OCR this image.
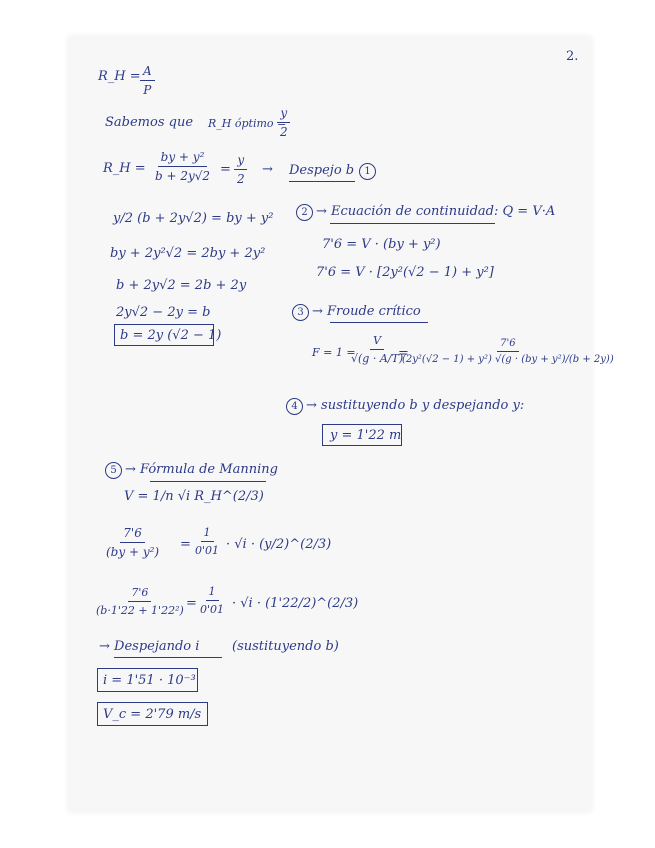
2.
R_H = $\frac{A}{P}$
Sabemos que R_H óptimo =
$\frac{y}{2}$
R_H = $\frac{\text{by + y²}}{b + 2y√2} = \frac{y}{2}$ → Despejo b	1
y/2 (b + 2y√2) = by + y²
by + 2y²√2 = 2by + 2y²
b + 2y√2 = 2b + 2y
2y√2 − 2y = b
b = 2y (√2 − 1)
2 → Ecuación de continuidad: Q = V·A
7'6 = V · (by + y²)
7'6 = V · [2y²(√2 − 1) + y²]
3 → Froude crítico
F = 1 =
$\frac{V}{√(g \cdot A/T)}$
=
$\frac{7'6}{\text{(2y²(√2 − 1) + y²) √(g · (by + y²)/(b + 2y))}}$
4 → sustituyendo b y despejando y:
y = 1'22 m
5 → Fórmula de Manning
V = 1/n √i R_H^(2/3)
$\frac{7'6}{\text{(by + y²)}} = \frac{1}{0'01} \cdot √i$ · (y/2)^(2/3)
$\frac{7'6}{\text{(b·1'22 + 1'22²)}} = \frac{1}{0'01} \cdot √i$ · (1'22/2)^(2/3)
→ Despejando i	(sustituyendo b)
i = 1'51 · 10⁻³
V_c = 2'79 m/s
